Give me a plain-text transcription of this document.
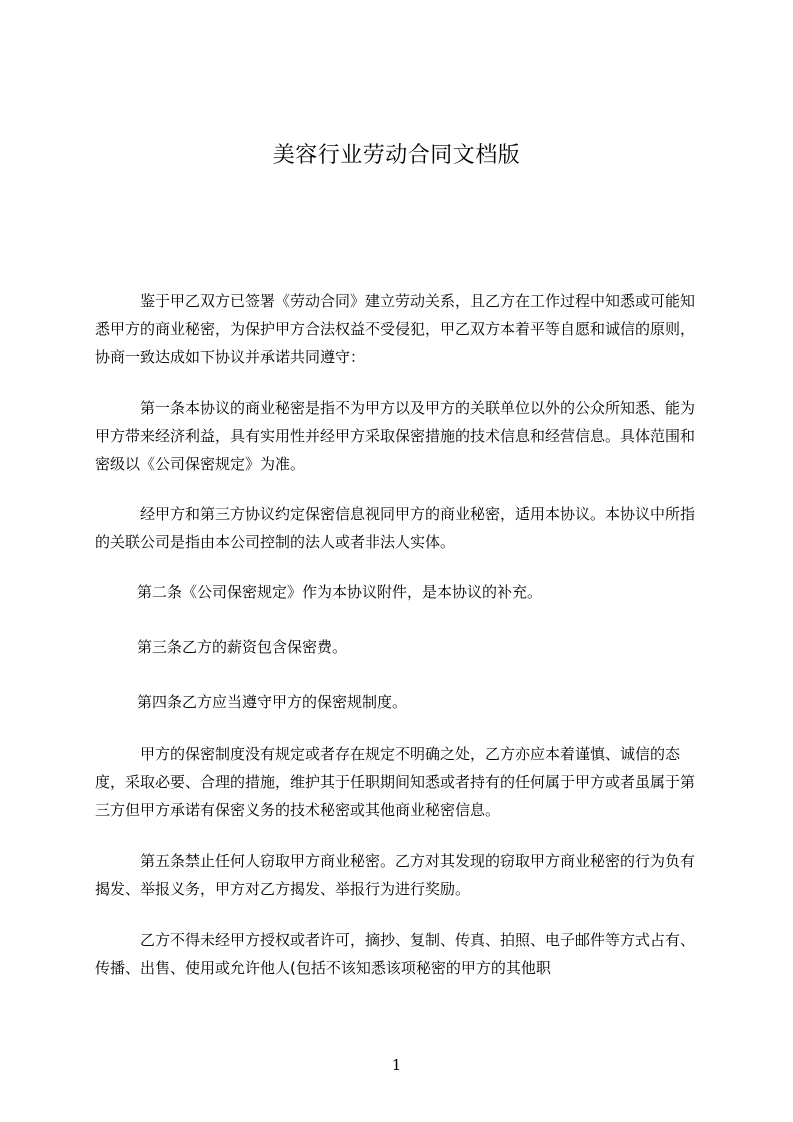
美容行业劳动合同文档版

鉴于甲乙双方已签署《劳动合同》建立劳动关系，且乙方在工作过程中知悉或可能知悉甲方的商业秘密，为保护甲方合法权益不受侵犯，甲乙双方本着平等自愿和诚信的原则，协商一致达成如下协议并承诺共同遵守：

第一条本协议的商业秘密是指不为甲方以及甲方的关联单位以外的公众所知悉、能为甲方带来经济利益，具有实用性并经甲方采取保密措施的技术信息和经营信息。具体范围和密级以《公司保密规定》为准。

经甲方和第三方协议约定保密信息视同甲方的商业秘密，适用本协议。本协议中所指的关联公司是指由本公司控制的法人或者非法人实体。

第二条《公司保密规定》作为本协议附件，是本协议的补充。

第三条乙方的薪资包含保密费。

第四条乙方应当遵守甲方的保密规制度。

甲方的保密制度没有规定或者存在规定不明确之处，乙方亦应本着谨慎、诚信的态度，采取必要、合理的措施，维护其于任职期间知悉或者持有的任何属于甲方或者虽属于第三方但甲方承诺有保密义务的技术秘密或其他商业秘密信息。

第五条禁止任何人窃取甲方商业秘密。乙方对其发现的窃取甲方商业秘密的行为负有揭发、举报义务，甲方对乙方揭发、举报行为进行奖励。

乙方不得未经甲方授权或者许可，摘抄、复制、传真、拍照、电子邮件等方式占有、传播、出售、使用或允许他人(包括不该知悉该项秘密的甲方的其他职

1
